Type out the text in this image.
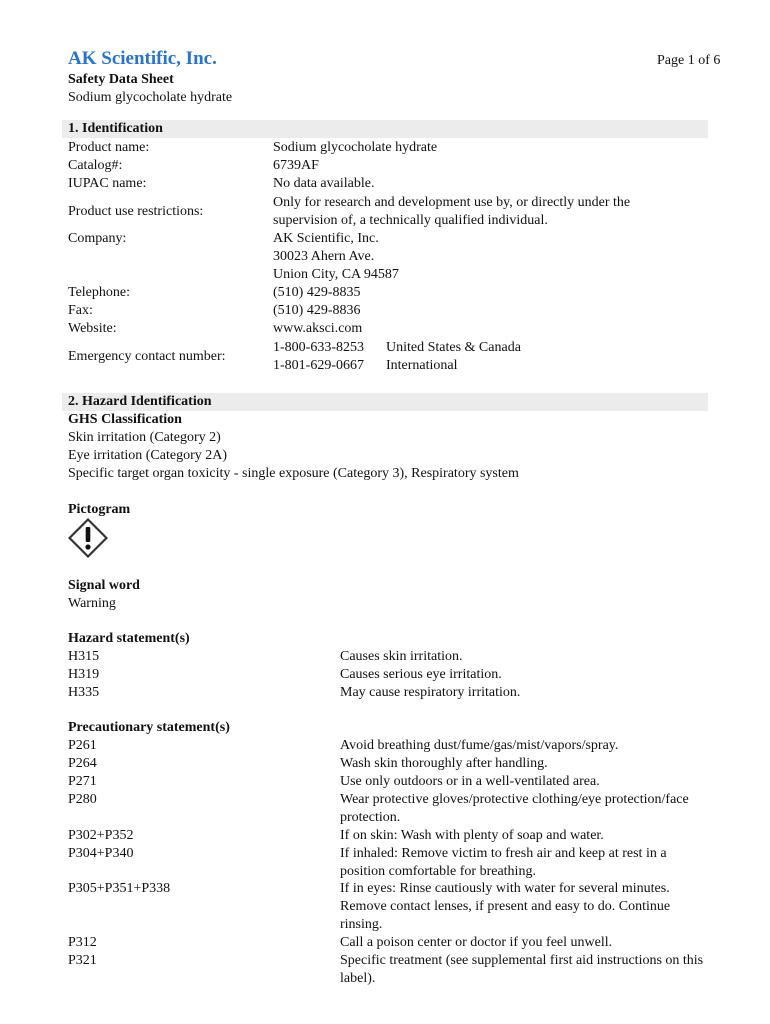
AK Scientific, Inc.	Page 1 of 6
Safety Data Sheet
Sodium glycocholate hydrate
1. Identification
Product name:	Sodium glycocholate hydrate
Catalog#:	6739AF
IUPAC name:	No data available.
Product use restrictions:
Only for research and development use by, or directly under the
supervision of, a technically qualified individual.
Company:	AK Scientific, Inc.
30023 Ahern Ave.
Union City, CA 94587
Telephone:	(510) 429-8835
Fax:	(510) 429-8836
Website:	www.aksci.com
Emergency contact number:
1-800-633-8253 United States & Canada
1-801-629-0667 International
2. Hazard Identification
GHS Classification
Skin irritation (Category 2)
Eye irritation (Category 2A)
Specific target organ toxicity - single exposure (Category 3), Respiratory system
Pictogram
Signal word
Warning
Hazard statement(s)
H315	Causes skin irritation.
H319	Causes serious eye irritation.
H335	May cause respiratory irritation.
Precautionary statement(s)
P261	Avoid breathing dust/fume/gas/mist/vapors/spray.
P264	Wash skin thoroughly after handling.
P271	Use only outdoors or in a well-ventilated area.
P280	Wear protective gloves/protective clothing/eye protection/face
protection.
P302+P352	If on skin: Wash with plenty of soap and water.
P304+P340	If inhaled: Remove victim to fresh air and keep at rest in a
position comfortable for breathing.
P305+P351+P338	If in eyes: Rinse cautiously with water for several minutes.
Remove contact lenses, if present and easy to do. Continue
rinsing.
P312	Call a poison center or doctor if you feel unwell.
P321	Specific treatment (see supplemental first aid instructions on this
label).
